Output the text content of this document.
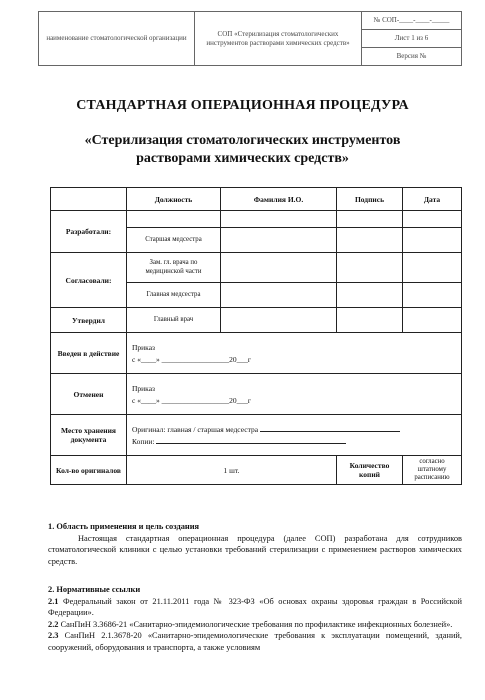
наименование стоматологической организации	СОП «Стерилизация стоматологических инструментов растворами химических средств»	№ СОП-____-____-_____
Лист 1 из 6
Версия №
СТАНДАРТНАЯ ОПЕРАЦИОННАЯ ПРОЦЕДУРА
«Стерилизация стоматологических инструментов растворами химических средств»
	Должность	Фамилия И.О.	Подпись	Дата
Разработали:				
	Старшая медсестра			
Согласовали:	Зам. гл. врача по медицинской части			
	Главная медсестра			
Утвердил	Главный врач			
Введен в действие	Приказ
с «____» __________________20___г			

Отменен	Приказ
с «____» __________________20___г			

Место хранения документа	Оригинал: главная / старшая медсестра
Копии:			

Кол-во оригиналов	1 шт.		Количество копий	согласно штатному расписанию
1. Область применения и цель создания
Настоящая стандартная операционная процедура (далее СОП) разработана для сотрудников стоматологической клиники с целью установки требований стерилизации с применением растворов химических средств.
2. Нормативные ссылки
2.1 Федеральный закон от 21.11.2011 года № 323-ФЗ «Об основах охраны здоровья граждан в Российской Федерации».
2.2 СанПиН 3.3686-21 «Санитарно-эпидемиологические требования по профилактике инфекционных болезней».
2.3 СанПиН 2.1.3678-20 «Санитарно-эпидемиологические требования к эксплуатации помещений, зданий, сооружений, оборудования и транспорта, а также условиям
